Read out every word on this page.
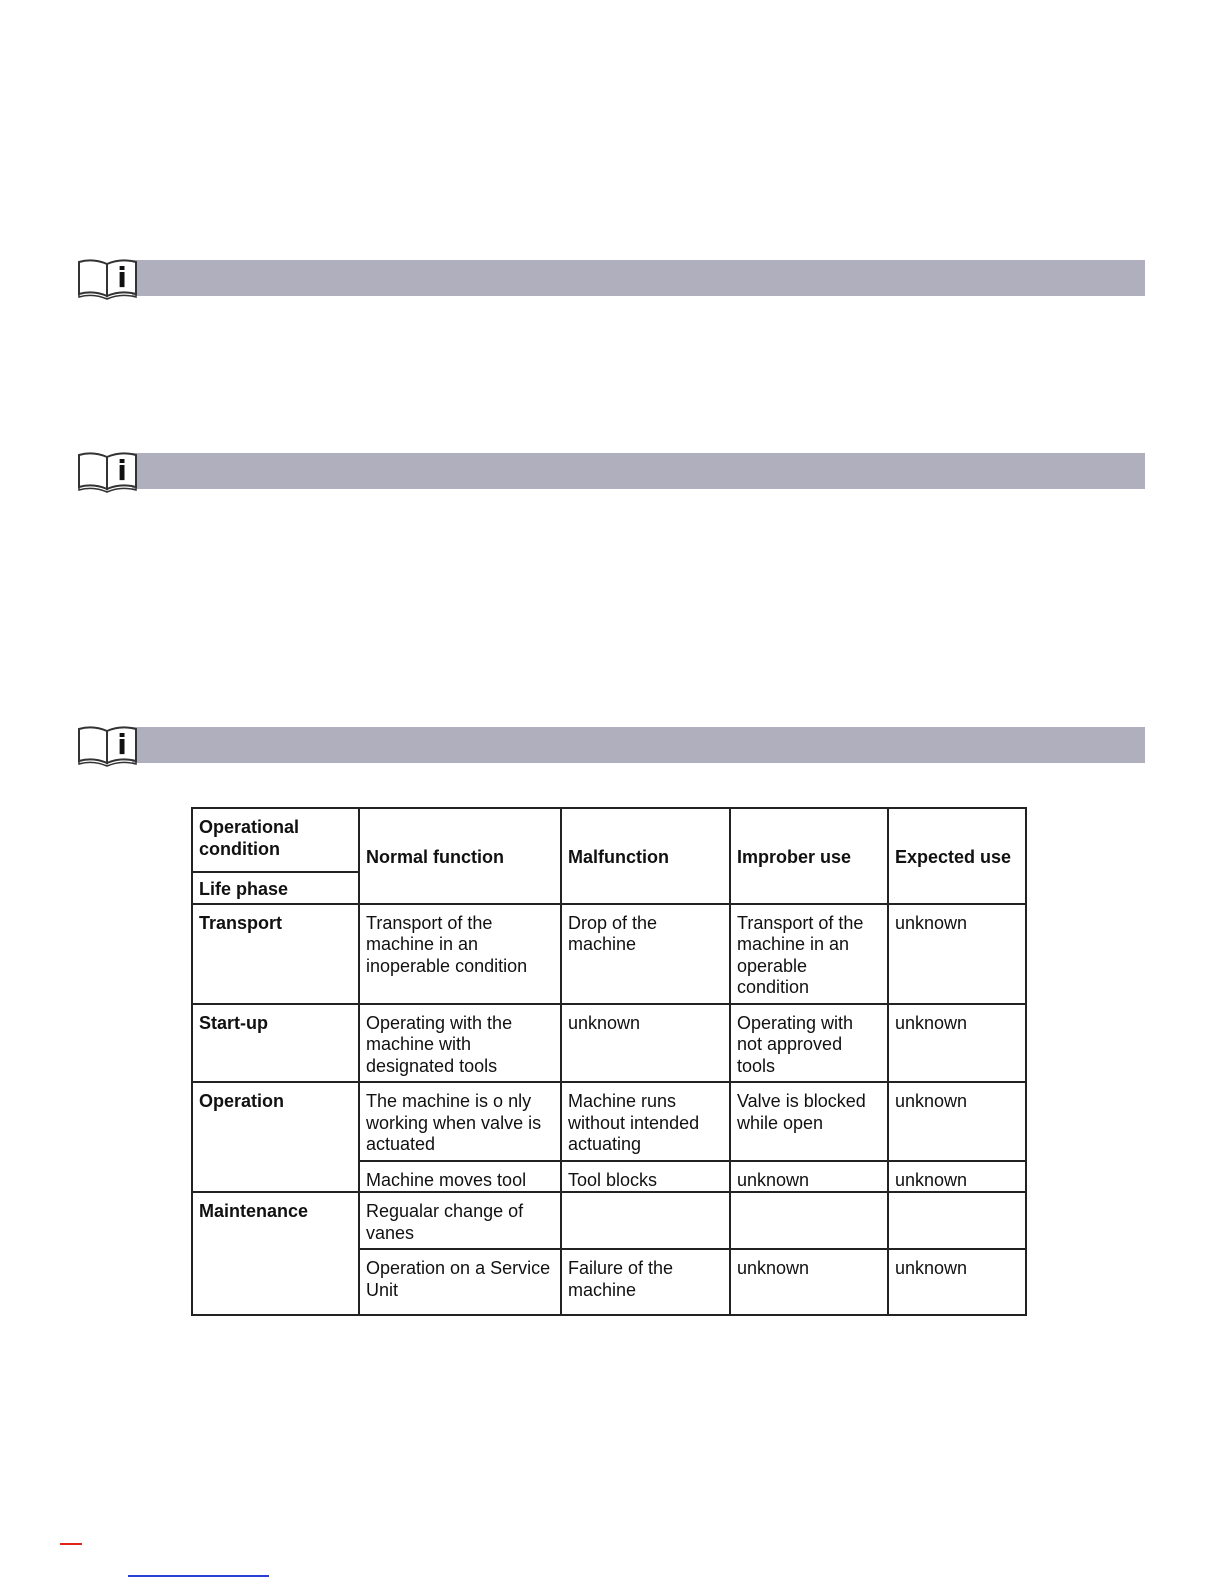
i
i
i
Operational condition	Normal function	Malfunction	Improber use	Expected use
Life phase				
Transport	Transport of the machine in an inoperable condition	Drop of the machine	Transport of the machine in an operable condition	unknown
Start-up	Operating with the machine with designated tools	unknown	Operating with not approved tools	unknown
Operation	The machine is o nly working when valve is actuated	Machine runs without intended actuating	Valve is blocked while open	unknown
	Machine moves tool	Tool blocks	unknown	unknown
Maintenance	Regualar change of vanes			
	Operation on a Service Unit	Failure of the machine	unknown	unknown
